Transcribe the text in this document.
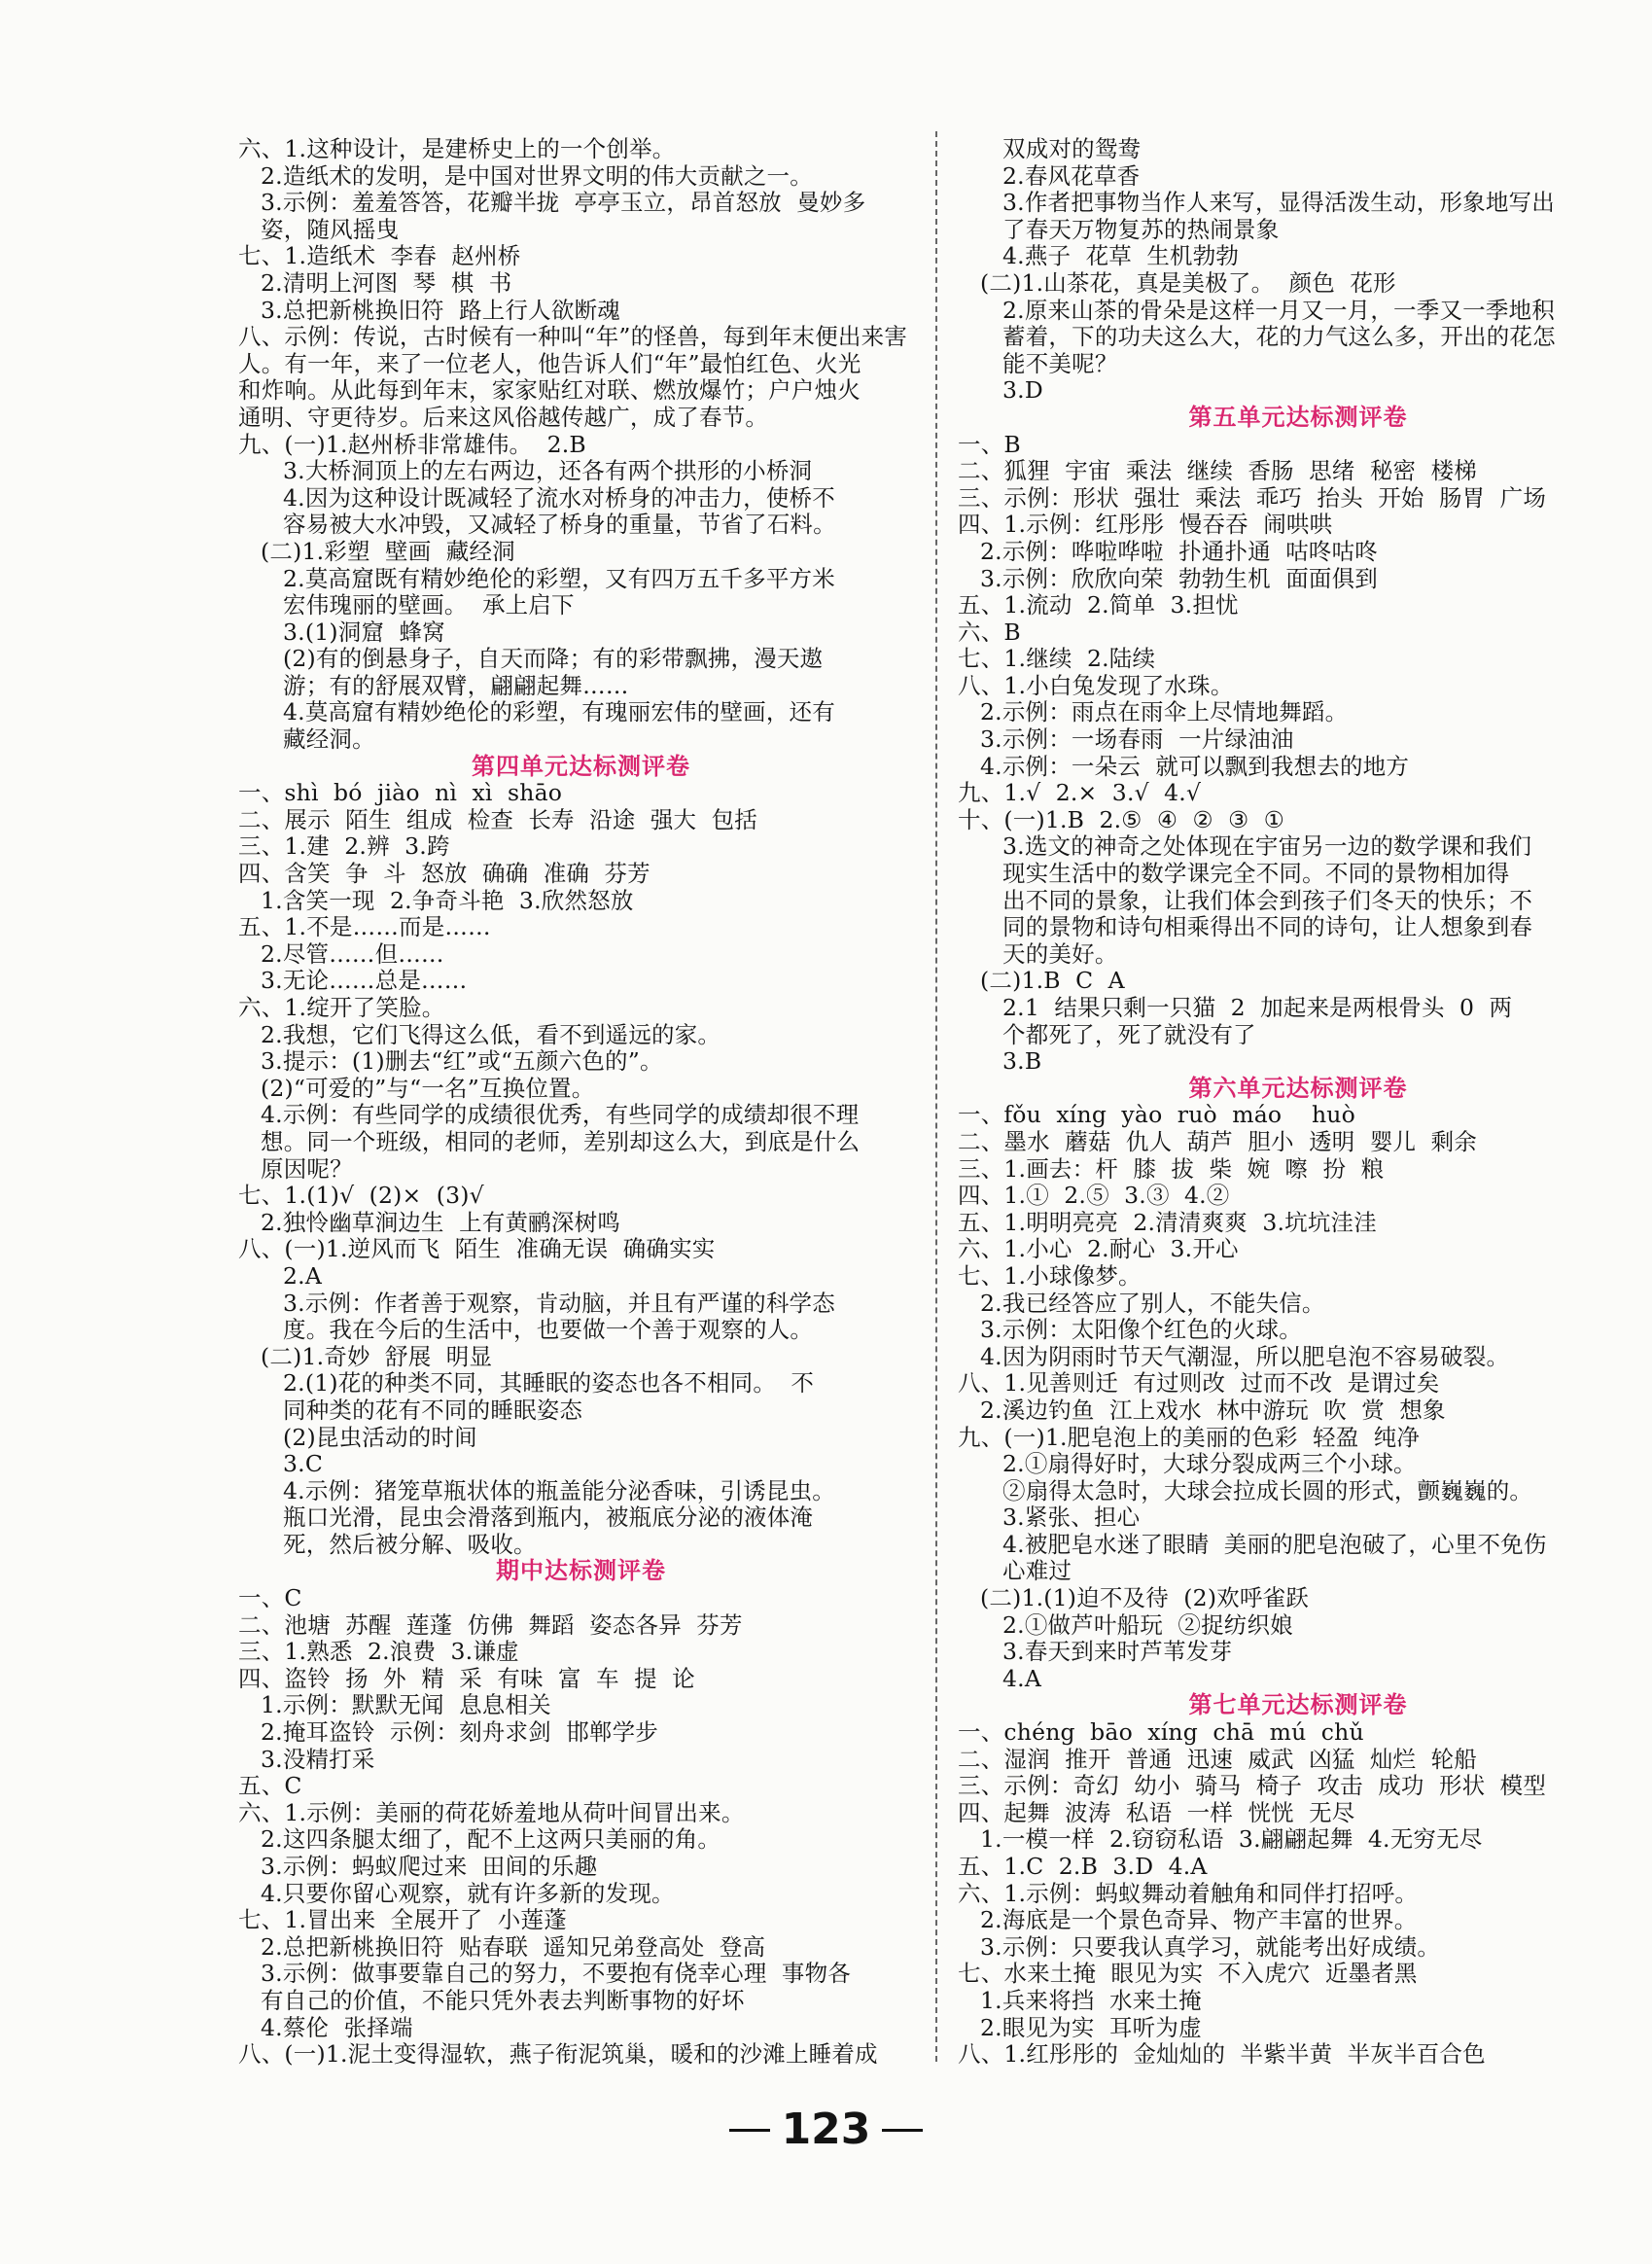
六、1.这种设计，是建桥史上的一个创举。
2.造纸术的发明，是中国对世界文明的伟大贡献之一。
3.示例：羞羞答答，花瓣半拢  亭亭玉立，昂首怒放  曼妙多
姿，随风摇曳
七、1.造纸术  李春  赵州桥
2.清明上河图  琴  棋  书
3.总把新桃换旧符  路上行人欲断魂
八、示例：传说，古时候有一种叫“年”的怪兽，每到年末便出来害
人。有一年，来了一位老人，他告诉人们“年”最怕红色、火光
和炸响。从此每到年末，家家贴红对联、燃放爆竹；户户烛火
通明、守更待岁。后来这风俗越传越广，成了春节。
九、(一)1.赵州桥非常雄伟。  2.B
3.大桥洞顶上的左右两边，还各有两个拱形的小桥洞
4.因为这种设计既减轻了流水对桥身的冲击力，使桥不
容易被大水冲毁，又减轻了桥身的重量，节省了石料。
(二)1.彩塑  壁画  藏经洞
2.莫高窟既有精妙绝伦的彩塑，又有四万五千多平方米
宏伟瑰丽的壁画。  承上启下
3.(1)洞窟  蜂窝
(2)有的倒悬身子，自天而降；有的彩带飘拂，漫天遨
游；有的舒展双臂，翩翩起舞……
4.莫高窟有精妙绝伦的彩塑，有瑰丽宏伟的壁画，还有
藏经洞。
第四单元达标测评卷
一、shì  bó  jiào  nì  xì  shāo
二、展示  陌生  组成  检查  长寿  沿途  强大  包括
三、1.建  2.辨  3.跨
四、含笑  争  斗  怒放  确确  准确  芬芳
1.含笑一现  2.争奇斗艳  3.欣然怒放
五、1.不是……而是……
2.尽管……但……
3.无论……总是……
六、1.绽开了笑脸。
2.我想，它们飞得这么低，看不到遥远的家。
3.提示：(1)删去“红”或“五颜六色的”。
(2)“可爱的”与“一名”互换位置。
4.示例：有些同学的成绩很优秀，有些同学的成绩却很不理
想。同一个班级，相同的老师，差别却这么大，到底是什么
原因呢？
七、1.(1)√  (2)×  (3)√
2.独怜幽草涧边生  上有黄鹂深树鸣
八、(一)1.逆风而飞  陌生  准确无误  确确实实
2.A
3.示例：作者善于观察，肯动脑，并且有严谨的科学态
度。我在今后的生活中，也要做一个善于观察的人。
(二)1.奇妙  舒展  明显
2.(1)花的种类不同，其睡眠的姿态也各不相同。  不
同种类的花有不同的睡眠姿态
(2)昆虫活动的时间
3.C
4.示例：猪笼草瓶状体的瓶盖能分泌香味，引诱昆虫。
瓶口光滑，昆虫会滑落到瓶内，被瓶底分泌的液体淹
死，然后被分解、吸收。
期中达标测评卷
一、C
二、池塘  苏醒  莲蓬  仿佛  舞蹈  姿态各异  芬芳
三、1.熟悉  2.浪费  3.谦虚
四、盗铃  扬  外  精  采  有味  富  车  提  论
1.示例：默默无闻  息息相关
2.掩耳盗铃  示例：刻舟求剑  邯郸学步
3.没精打采
五、C
六、1.示例：美丽的荷花娇羞地从荷叶间冒出来。
2.这四条腿太细了，配不上这两只美丽的角。
3.示例：蚂蚁爬过来  田间的乐趣
4.只要你留心观察，就有许多新的发现。
七、1.冒出来  全展开了  小莲蓬
2.总把新桃换旧符  贴春联  遥知兄弟登高处  登高
3.示例：做事要靠自己的努力，不要抱有侥幸心理  事物各
有自己的价值，不能只凭外表去判断事物的好坏
4.蔡伦  张择端
八、(一)1.泥土变得湿软，燕子衔泥筑巢，暖和的沙滩上睡着成
双成对的鸳鸯
2.春风花草香
3.作者把事物当作人来写，显得活泼生动，形象地写出
了春天万物复苏的热闹景象
4.燕子  花草  生机勃勃
(二)1.山茶花，真是美极了。  颜色  花形
2.原来山茶的骨朵是这样一月又一月，一季又一季地积
蓄着，下的功夫这么大，花的力气这么多，开出的花怎
能不美呢？
3.D
第五单元达标测评卷
一、B
二、狐狸  宇宙  乘法  继续  香肠  思绪  秘密  楼梯
三、示例：形状  强壮  乘法  乖巧  抬头  开始  肠胃  广场
四、1.示例：红彤彤  慢吞吞  闹哄哄
2.示例：哗啦哗啦  扑通扑通  咕咚咕咚
3.示例：欣欣向荣  勃勃生机  面面俱到
五、1.流动  2.简单  3.担忧
六、B
七、1.继续  2.陆续
八、1.小白兔发现了水珠。
2.示例：雨点在雨伞上尽情地舞蹈。
3.示例：一场春雨  一片绿油油
4.示例：一朵云  就可以飘到我想去的地方
九、1.√  2.×  3.√  4.√
十、(一)1.B  2.⑤  ④  ②  ③  ①
3.选文的神奇之处体现在宇宙另一边的数学课和我们
现实生活中的数学课完全不同。不同的景物相加得
出不同的景象，让我们体会到孩子们冬天的快乐；不
同的景物和诗句相乘得出不同的诗句，让人想象到春
天的美好。
(二)1.B  C  A
2.1  结果只剩一只猫  2  加起来是两根骨头  0  两
个都死了，死了就没有了
3.B
第六单元达标测评卷
一、fǒu  xíng  yào  ruò  máo    huò
二、墨水  蘑菇  仇人  葫芦  胆小  透明  婴儿  剩余
三、1.画去：杆  膝  拔  柴  婉  嚓  扮  粮
四、1.①  2.⑤  3.③  4.②
五、1.明明亮亮  2.清清爽爽  3.坑坑洼洼
六、1.小心  2.耐心  3.开心
七、1.小球像梦。
2.我已经答应了别人，不能失信。
3.示例：太阳像个红色的火球。
4.因为阴雨时节天气潮湿，所以肥皂泡不容易破裂。
八、1.见善则迁  有过则改  过而不改  是谓过矣
2.溪边钓鱼  江上戏水  林中游玩  吹  赏  想象
九、(一)1.肥皂泡上的美丽的色彩  轻盈  纯净
2.①扇得好时，大球分裂成两三个小球。
②扇得太急时，大球会拉成长圆的形式，颤巍巍的。
3.紧张、担心
4.被肥皂水迷了眼睛  美丽的肥皂泡破了，心里不免伤
心难过
(二)1.(1)迫不及待  (2)欢呼雀跃
2.①做芦叶船玩  ②捉纺织娘
3.春天到来时芦苇发芽
4.A
第七单元达标测评卷
一、chéng  bāo  xíng  chā  mú  chǔ
二、湿润  推开  普通  迅速  威武  凶猛  灿烂  轮船
三、示例：奇幻  幼小  骑马  椅子  攻击  成功  形状  模型
四、起舞  波涛  私语  一样  恍恍  无尽
1.一模一样  2.窃窃私语  3.翩翩起舞  4.无穷无尽
五、1.C  2.B  3.D  4.A
六、1.示例：蚂蚁舞动着触角和同伴打招呼。
2.海底是一个景色奇异、物产丰富的世界。
3.示例：只要我认真学习，就能考出好成绩。
七、水来土掩  眼见为实  不入虎穴  近墨者黑
1.兵来将挡  水来土掩
2.眼见为实  耳听为虚
八、1.红彤彤的  金灿灿的  半紫半黄  半灰半百合色
123
